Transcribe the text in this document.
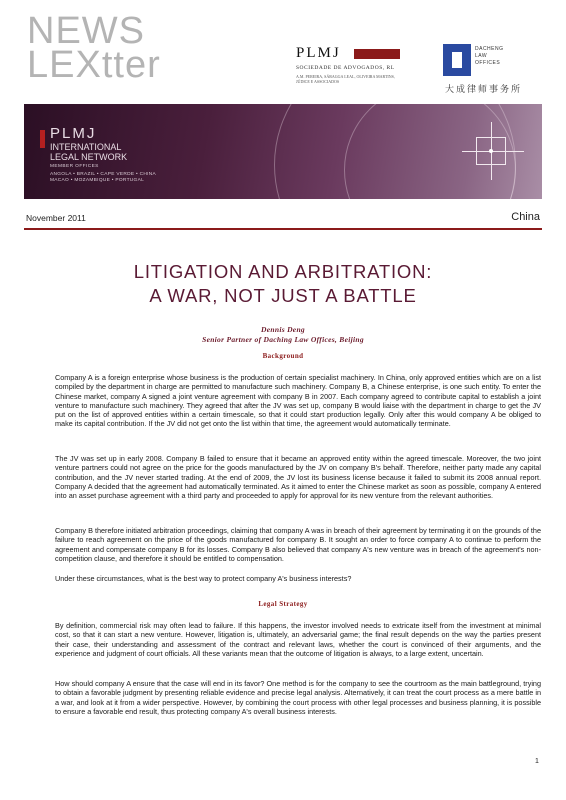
NEWS
LEXtter	PLMJ
SOCIEDADE DE ADVOGADOS, RL
A.M. PEREIRA, SÁRAGGA LEAL, OLIVEIRA MARTINS, JÚDICE E ASSOCIADOS
DACHENG
LAW
OFFICES
大成律师事务所
PLMJ
INTERNATIONAL
LEGAL NETWORK
MEMBER OFFICES
ANGOLA • BRAZIL • CAPE VERDE • CHINA
MACAO • MOZAMBIQUE • PORTUGAL
November 2011	China
LITIGATION AND ARBITRATION:
A WAR, NOT JUST A BATTLE
Dennis Deng
Senior Partner of Daching Law Offices, Beijing
Background

Company A is a foreign enterprise whose business is the production of certain specialist machinery. In China, only approved entities which are on a list compiled by the department in charge are permitted to manufacture such machinery. Company B, a Chinese enterprise, is one such entity. To enter the Chinese market, company A signed a joint venture agreement with company B in 2007. Each company agreed to contribute capital to establish a joint venture to manufacture such machinery. They agreed that after the JV was set up, company B would liaise with the department in charge to get the JV put on the list of approved entities within a certain timescale, so that it could start production legally. Only after this would company A be obliged to make its capital contribution. If the JV did not get onto the list within that time, the agreement would automatically terminate.

The JV was set up in early 2008. Company B failed to ensure that it became an approved entity within the agreed timescale. Moreover, the two joint venture partners could not agree on the price for the goods manufactured by the JV on company B's behalf. Therefore, neither party made any capital contribution, and the JV never started trading. At the end of 2009, the JV lost its business license because it failed to submit its 2008 annual report. Company A decided that the agreement had automatically terminated. As it aimed to enter the Chinese market as soon as possible, company A entered into an asset purchase agreement with a third party and proceeded to apply for approval for its new venture from the relevant authorities.

Company B therefore initiated arbitration proceedings, claiming that company A was in breach of their agreement by terminating it on the grounds of the failure to reach agreement on the price of the goods manufactured for company B. It sought an order to force company A to continue to perform the agreement and compensate company B for its losses. Company B also believed that company A's new venture was in breach of the agreement's non-competition clause, and therefore it should be entitled to compensation.

Under these circumstances, what is the best way to protect company A's business interests?

Legal Strategy

By definition, commercial risk may often lead to failure. If this happens, the investor involved needs to extricate itself from the investment at minimal cost, so that it can start a new venture. However, litigation is, ultimately, an adversarial game; the final result depends on the way the parties present their case, their understanding and assessment of the contract and relevant laws, whether the court is convinced of their arguments, and the experience and judgment of court officials. All these variants mean that the outcome of litigation is always, to a large extent, uncertain.

How should company A ensure that the case will end in its favor? One method is for the company to see the courtroom as the main battleground, trying to obtain a favorable judgment by presenting reliable evidence and precise legal analysis. Alternatively, it can treat the court process as a mere battle in a war, and look at it from a wider perspective. However, by combining the court process with other legal processes and business planning, it is possible to ensure a favorable end result, thus protecting company A's overall business interests.

1
